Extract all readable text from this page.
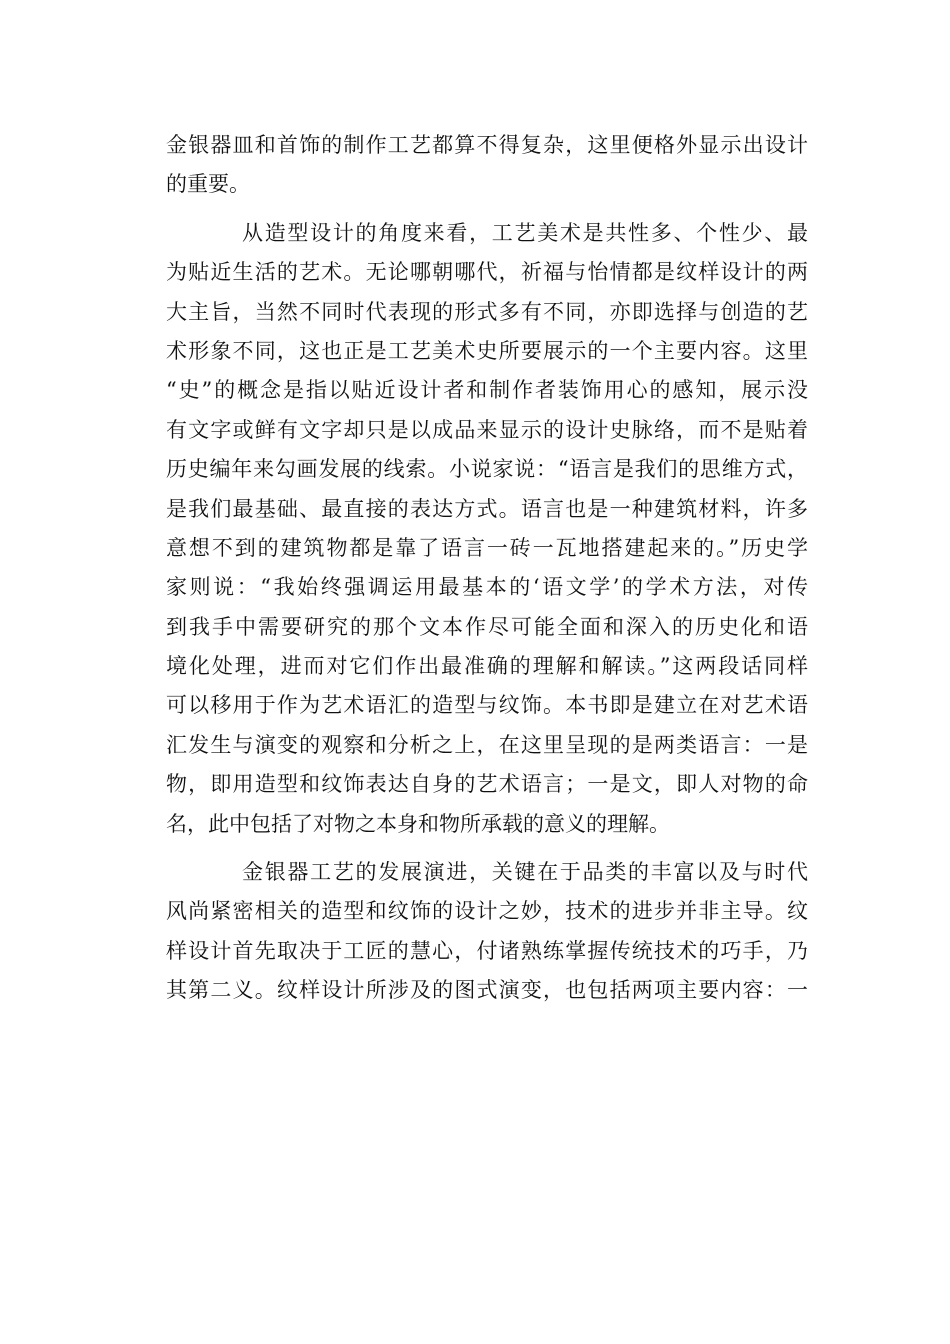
金银器皿和首饰的制作工艺都算不得复杂，这里便格外显示出设计
的重要。
从造型设计的角度来看，工艺美术是共性多、个性少、最
为贴近生活的艺术。无论哪朝哪代，祈福与怡情都是纹样设计的两
大主旨，当然不同时代表现的形式多有不同，亦即选择与创造的艺
术形象不同，这也正是工艺美术史所要展示的一个主要内容。这里
“史”的概念是指以贴近设计者和制作者装饰用心的感知，展示没
有文字或鲜有文字却只是以成品来显示的设计史脉络，而不是贴着
历史编年来勾画发展的线索。小说家说：“语言是我们的思维方式，
是我们最基础、最直接的表达方式。语言也是一种建筑材料，许多
意想不到的建筑物都是靠了语言一砖一瓦地搭建起来的。”历史学
家则说：“我始终强调运用最基本的‘语文学’的学术方法，对传
到我手中需要研究的那个文本作尽可能全面和深入的历史化和语
境化处理，进而对它们作出最准确的理解和解读。”这两段话同样
可以移用于作为艺术语汇的造型与纹饰。本书即是建立在对艺术语
汇发生与演变的观察和分析之上，在这里呈现的是两类语言：一是
物，即用造型和纹饰表达自身的艺术语言；一是文，即人对物的命
名，此中包括了对物之本身和物所承载的意义的理解。
金银器工艺的发展演进，关键在于品类的丰富以及与时代
风尚紧密相关的造型和纹饰的设计之妙，技术的进步并非主导。纹
样设计首先取决于工匠的慧心，付诸熟练掌握传统技术的巧手，乃
其第二义。纹样设计所涉及的图式演变，也包括两项主要内容：一
